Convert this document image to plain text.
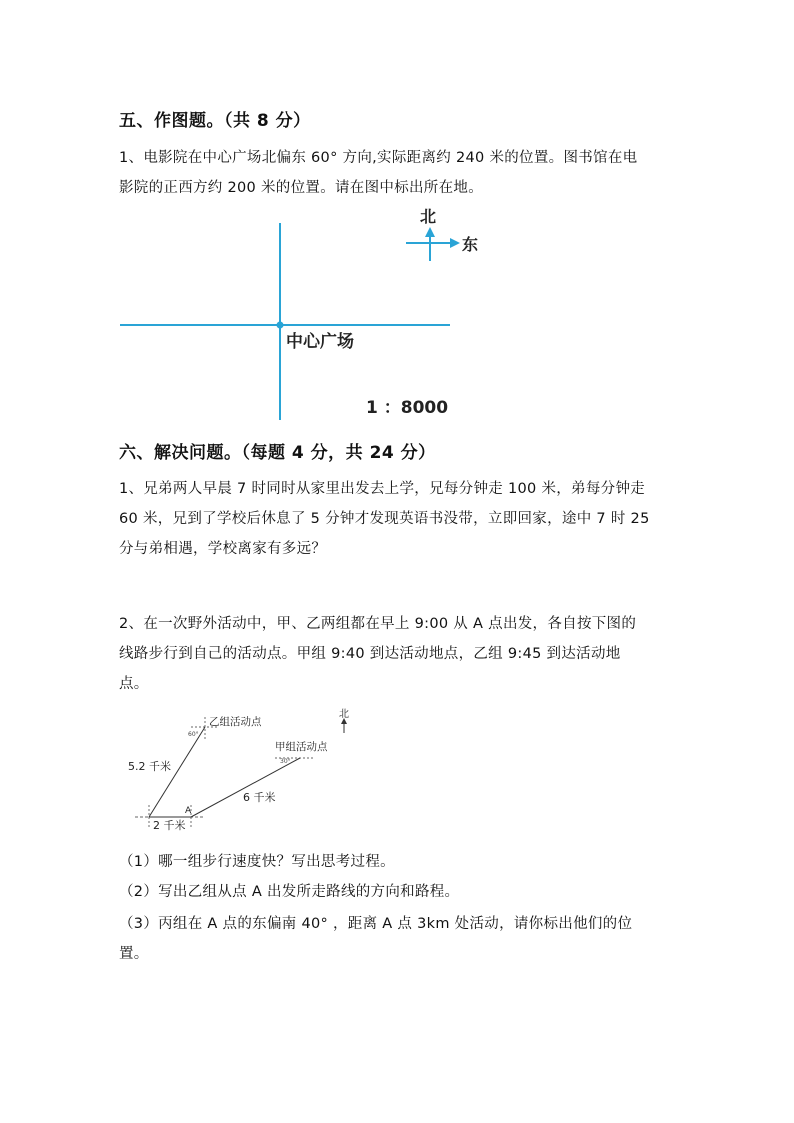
五、作图题。（共 8 分）
1、电影院在中心广场北偏东 60° 方向,实际距离约 240 米的位置。图书馆在电
影院的正西方约 200 米的位置。请在图中标出所在地。
中心广场
1 ：8000
北
东
六、解决问题。（每题 4 分，共 24 分）
1、兄弟两人早晨 7 时同时从家里出发去上学，兄每分钟走 100 米，弟每分钟走
60 米，兄到了学校后休息了 5 分钟才发现英语书没带，立即回家，途中 7 时 25
分与弟相遇，学校离家有多远？
2、在一次野外活动中，甲、乙两组都在早上 9:00 从 A 点出发，各自按下图的
线路步行到自己的活动点。甲组 9:40 到达活动地点，乙组 9:45 到达活动地
点。
北
乙组活动点
甲组活动点
60°
30°
A
5.2 千米
6 千米
2 千米
（1）哪一组步行速度快？写出思考过程。
（2）写出乙组从点 A 出发所走路线的方向和路程。
（3）丙组在 A 点的东偏南 40° ，距离 A 点 3km 处活动，请你标出他们的位
置。
